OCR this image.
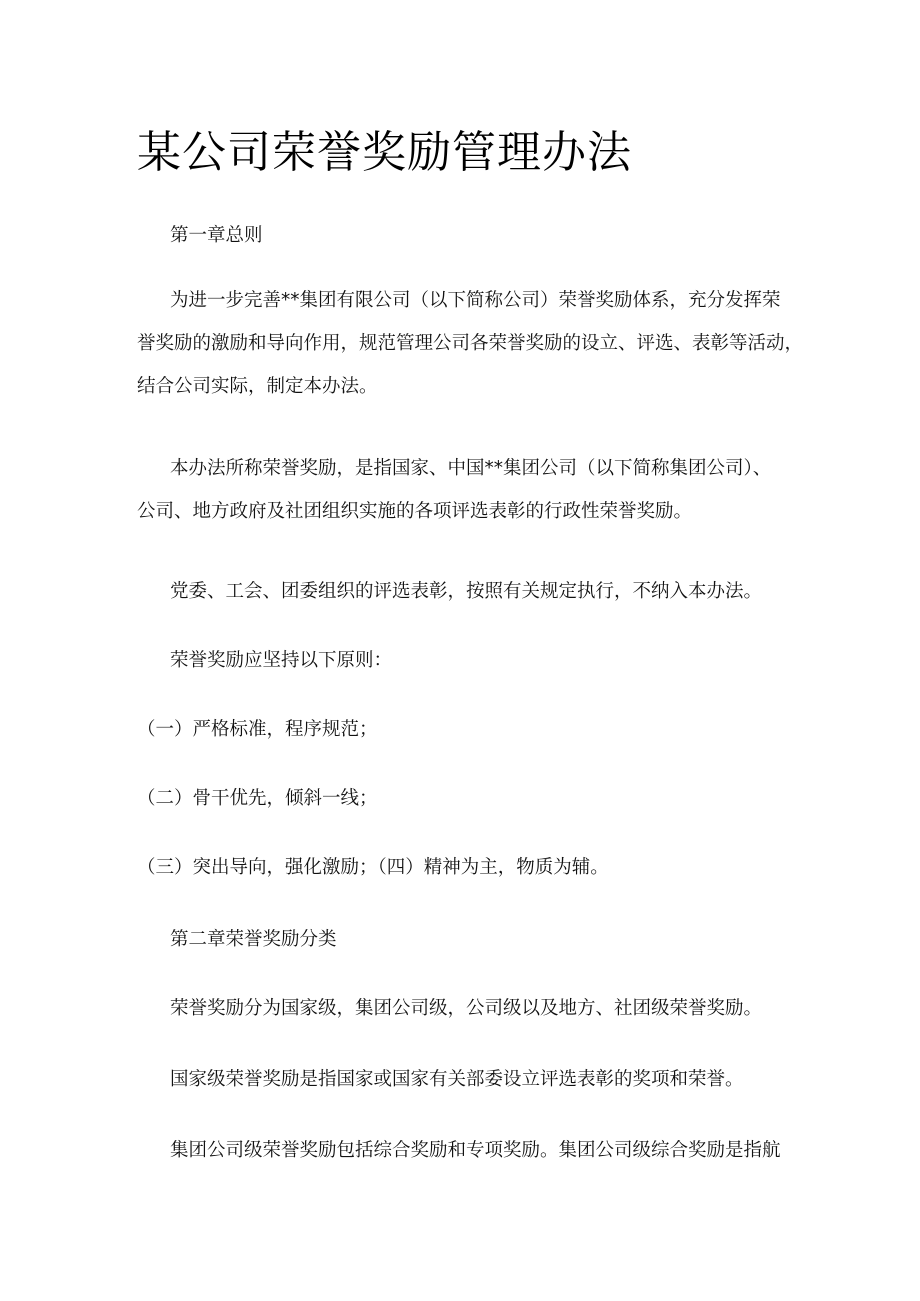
某公司荣誉奖励管理办法

第一章总则

为进一步完善**集团有限公司（以下简称公司）荣誉奖励体系，充分发挥荣
誉奖励的激励和导向作用，规范管理公司各荣誉奖励的设立、评选、表彰等活动，
结合公司实际，制定本办法。
本办法所称荣誉奖励，是指国家、中国**集团公司（以下简称集团公司）、
公司、地方政府及社团组织实施的各项评选表彰的行政性荣誉奖励。

党委、工会、团委组织的评选表彰，按照有关规定执行，不纳入本办法。

荣誉奖励应坚持以下原则：

（一）严格标准，程序规范；

（二）骨干优先，倾斜一线；

（三）突出导向，强化激励；（四）精神为主，物质为辅。

第二章荣誉奖励分类

荣誉奖励分为国家级，集团公司级，公司级以及地方、社团级荣誉奖励。

国家级荣誉奖励是指国家或国家有关部委设立评选表彰的奖项和荣誉。

集团公司级荣誉奖励包括综合奖励和专项奖励。集团公司级综合奖励是指航
